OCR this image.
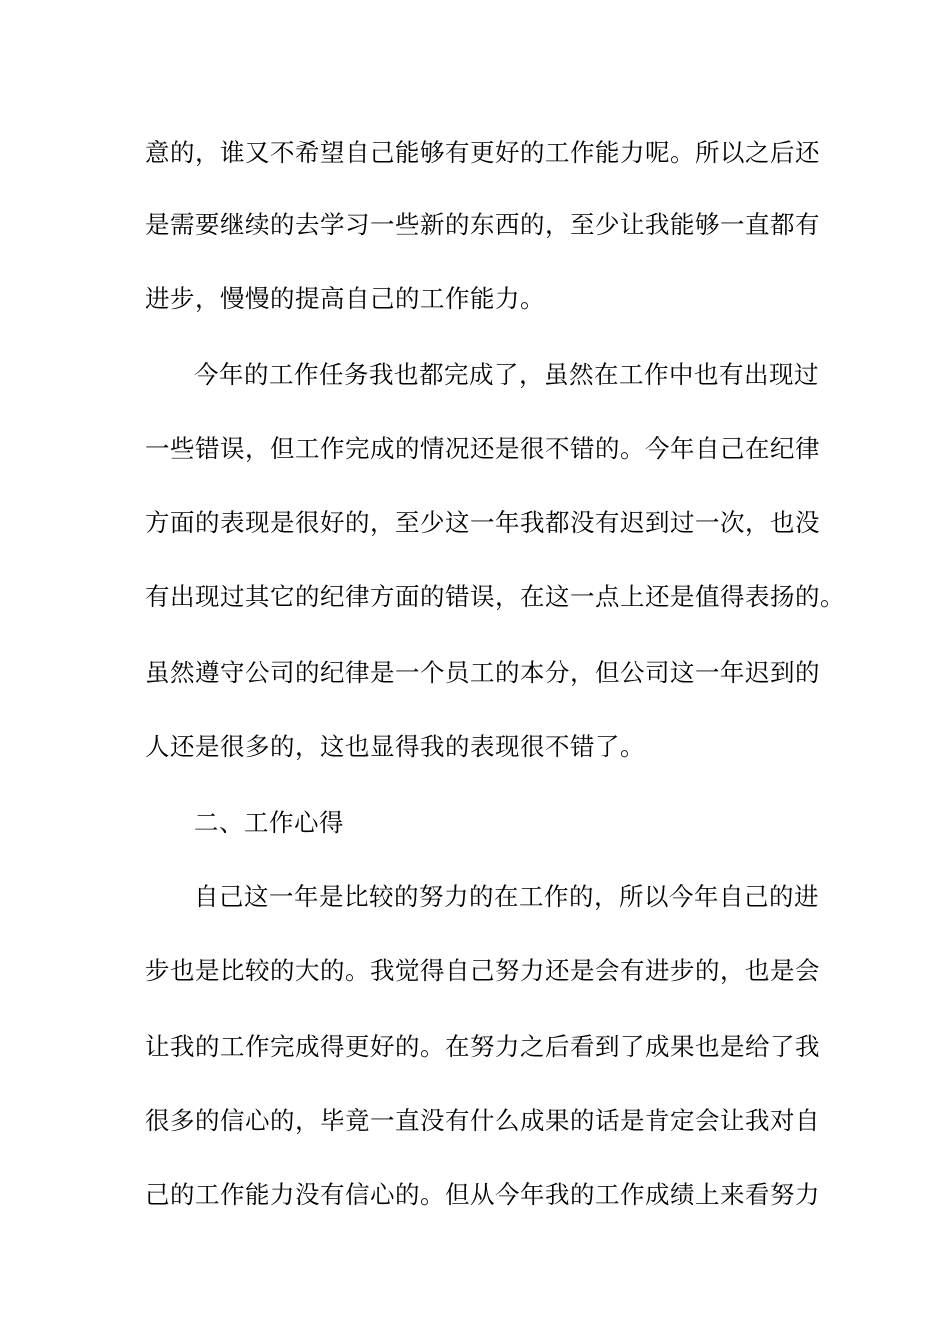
意的，谁又不希望自己能够有更好的工作能力呢。所以之后还
是需要继续的去学习一些新的东西的，至少让我能够一直都有
进步，慢慢的提高自己的工作能力。
今年的工作任务我也都完成了，虽然在工作中也有出现过
一些错误，但工作完成的情况还是很不错的。今年自己在纪律
方面的表现是很好的，至少这一年我都没有迟到过一次，也没
有出现过其它的纪律方面的错误，在这一点上还是值得表扬的。
虽然遵守公司的纪律是一个员工的本分，但公司这一年迟到的
人还是很多的，这也显得我的表现很不错了。
二、工作心得
自己这一年是比较的努力的在工作的，所以今年自己的进
步也是比较的大的。我觉得自己努力还是会有进步的，也是会
让我的工作完成得更好的。在努力之后看到了成果也是给了我
很多的信心的，毕竟一直没有什么成果的话是肯定会让我对自
己的工作能力没有信心的。但从今年我的工作成绩上来看努力
